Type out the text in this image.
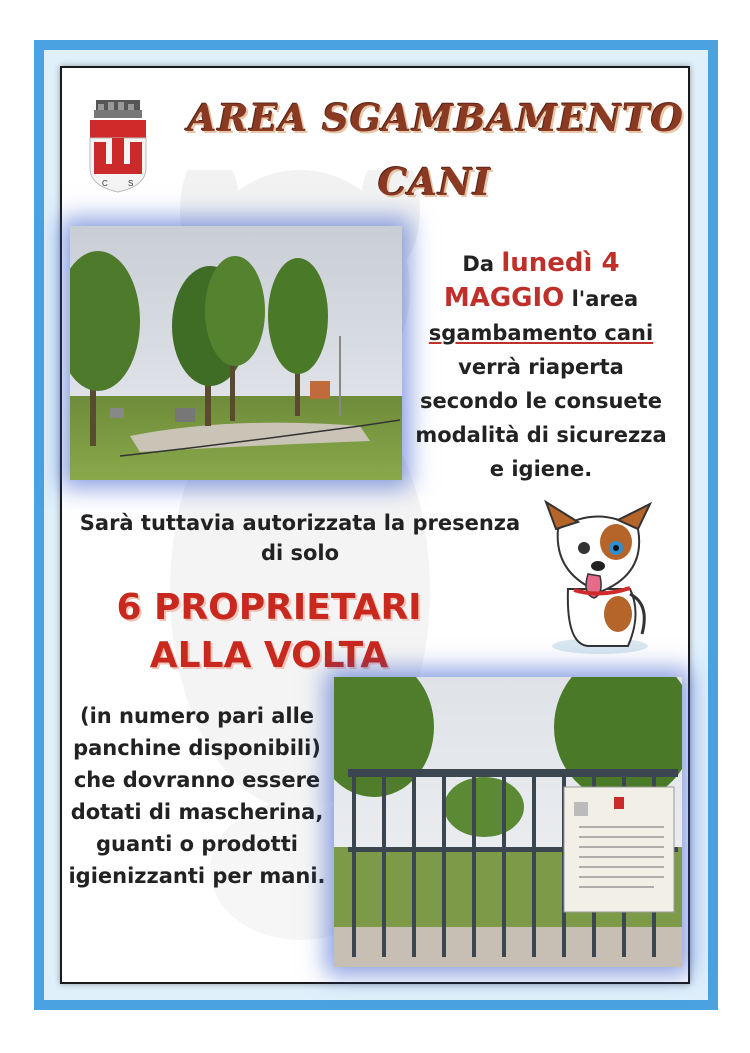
C	S
AREA SGAMBAMENTO
CANI
Da lunedì 4
MAGGIO l'area
sgambamento cani
verrà riaperta secondo le consuete modalità di sicurezza e igiene.
Sarà tuttavia autorizzata la presenza di solo
6 PROPRIETARI ALLA VOLTA
(in numero pari alle panchine disponibili) che dovranno essere dotati di mascherina, guanti o prodotti igienizzanti per mani.
